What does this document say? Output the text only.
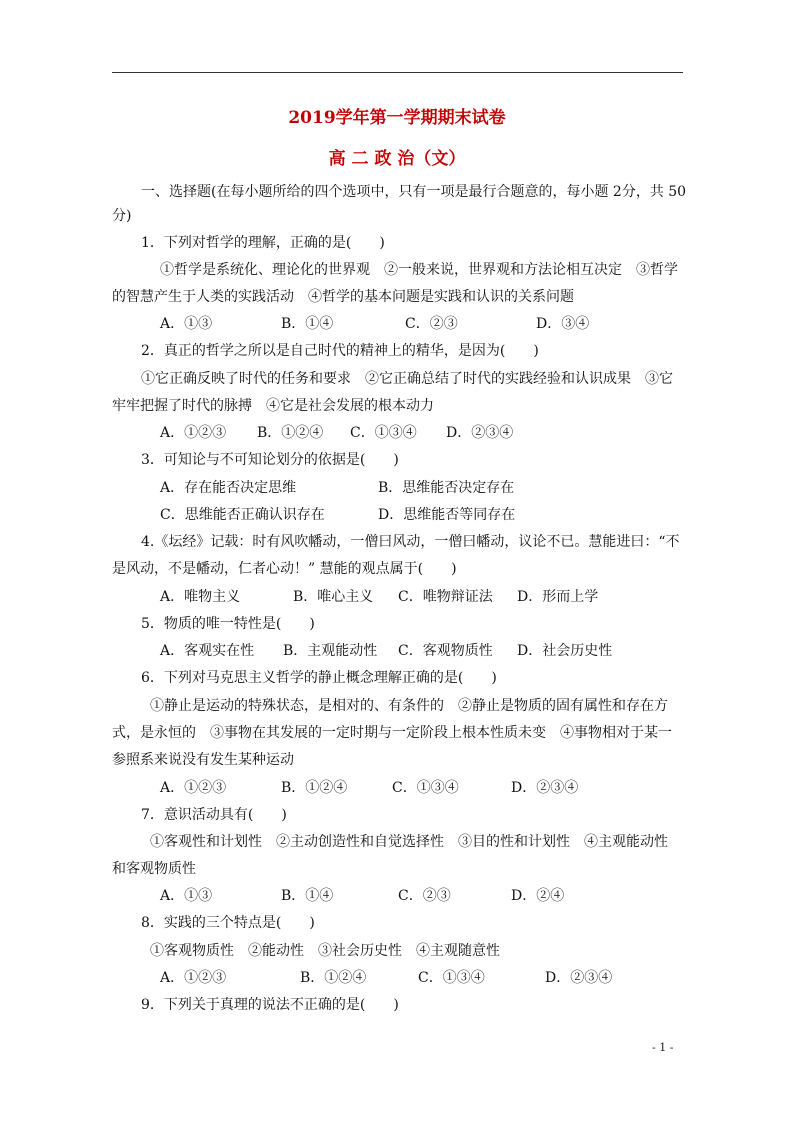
2019学年第一学期期末试卷
高 二 政 治（文）
一、选择题(在每小题所给的四个选项中，只有一项是最行合题意的，每小题 2分，共 50
分)
1．下列对哲学的理解，正确的是(　　)
①哲学是系统化、理论化的世界观　②一般来说，世界观和方法论相互决定　③哲学
的智慧产生于人类的实践活动　④哲学的基本问题是实践和认识的关系问题
A．①③	B．①④	C．②③	D．③④
2．真正的哲学之所以是自己时代的精神上的精华，是因为(　　)
①它正确反映了时代的任务和要求　②它正确总结了时代的实践经验和认识成果　③它
牢牢把握了时代的脉搏　④它是社会发展的根本动力
A．①②③ B．①②④ C．①③④ D．②③④
3．可知论与不可知论划分的依据是(　　)
A．存在能否决定思维	B．思维能否决定存在
C．思维能否正确认识存在	D．思维能否等同存在
4.《坛经》记载：时有风吹幡动，一僧曰风动，一僧曰幡动，议论不已。慧能进曰：“不
是风动，不是幡动，仁者心动！” 慧能的观点属于(　　)
A．唯物主义	B．唯心主义 C．唯物辩证法 D．形而上学
5．物质的唯一特性是(　　)
A．客观实在性 B．主观能动性 C．客观物质性 D．社会历史性
6．下列对马克思主义哲学的静止概念理解正确的是(　　)
①静止是运动的特殊状态，是相对的、有条件的　②静止是物质的固有属性和存在方
式，是永恒的　③事物在其发展的一定时期与一定阶段上根本性质未变　④事物相对于某一
参照系来说没有发生某种运动
A．①②③	B．①②④	C．①③④	D．②③④
7．意识活动具有(　　)
①客观性和计划性　②主动创造性和自觉选择性　③目的性和计划性　④主观能动性
和客观物质性
A．①③	B．①④	C．②③	D．②④
8．实践的三个特点是(　　)
①客观物质性　②能动性　③社会历史性　④主观随意性
A．①②③	B．①②④	C．①③④	D．②③④
9．下列关于真理的说法不正确的是(　　)
- 1 -
